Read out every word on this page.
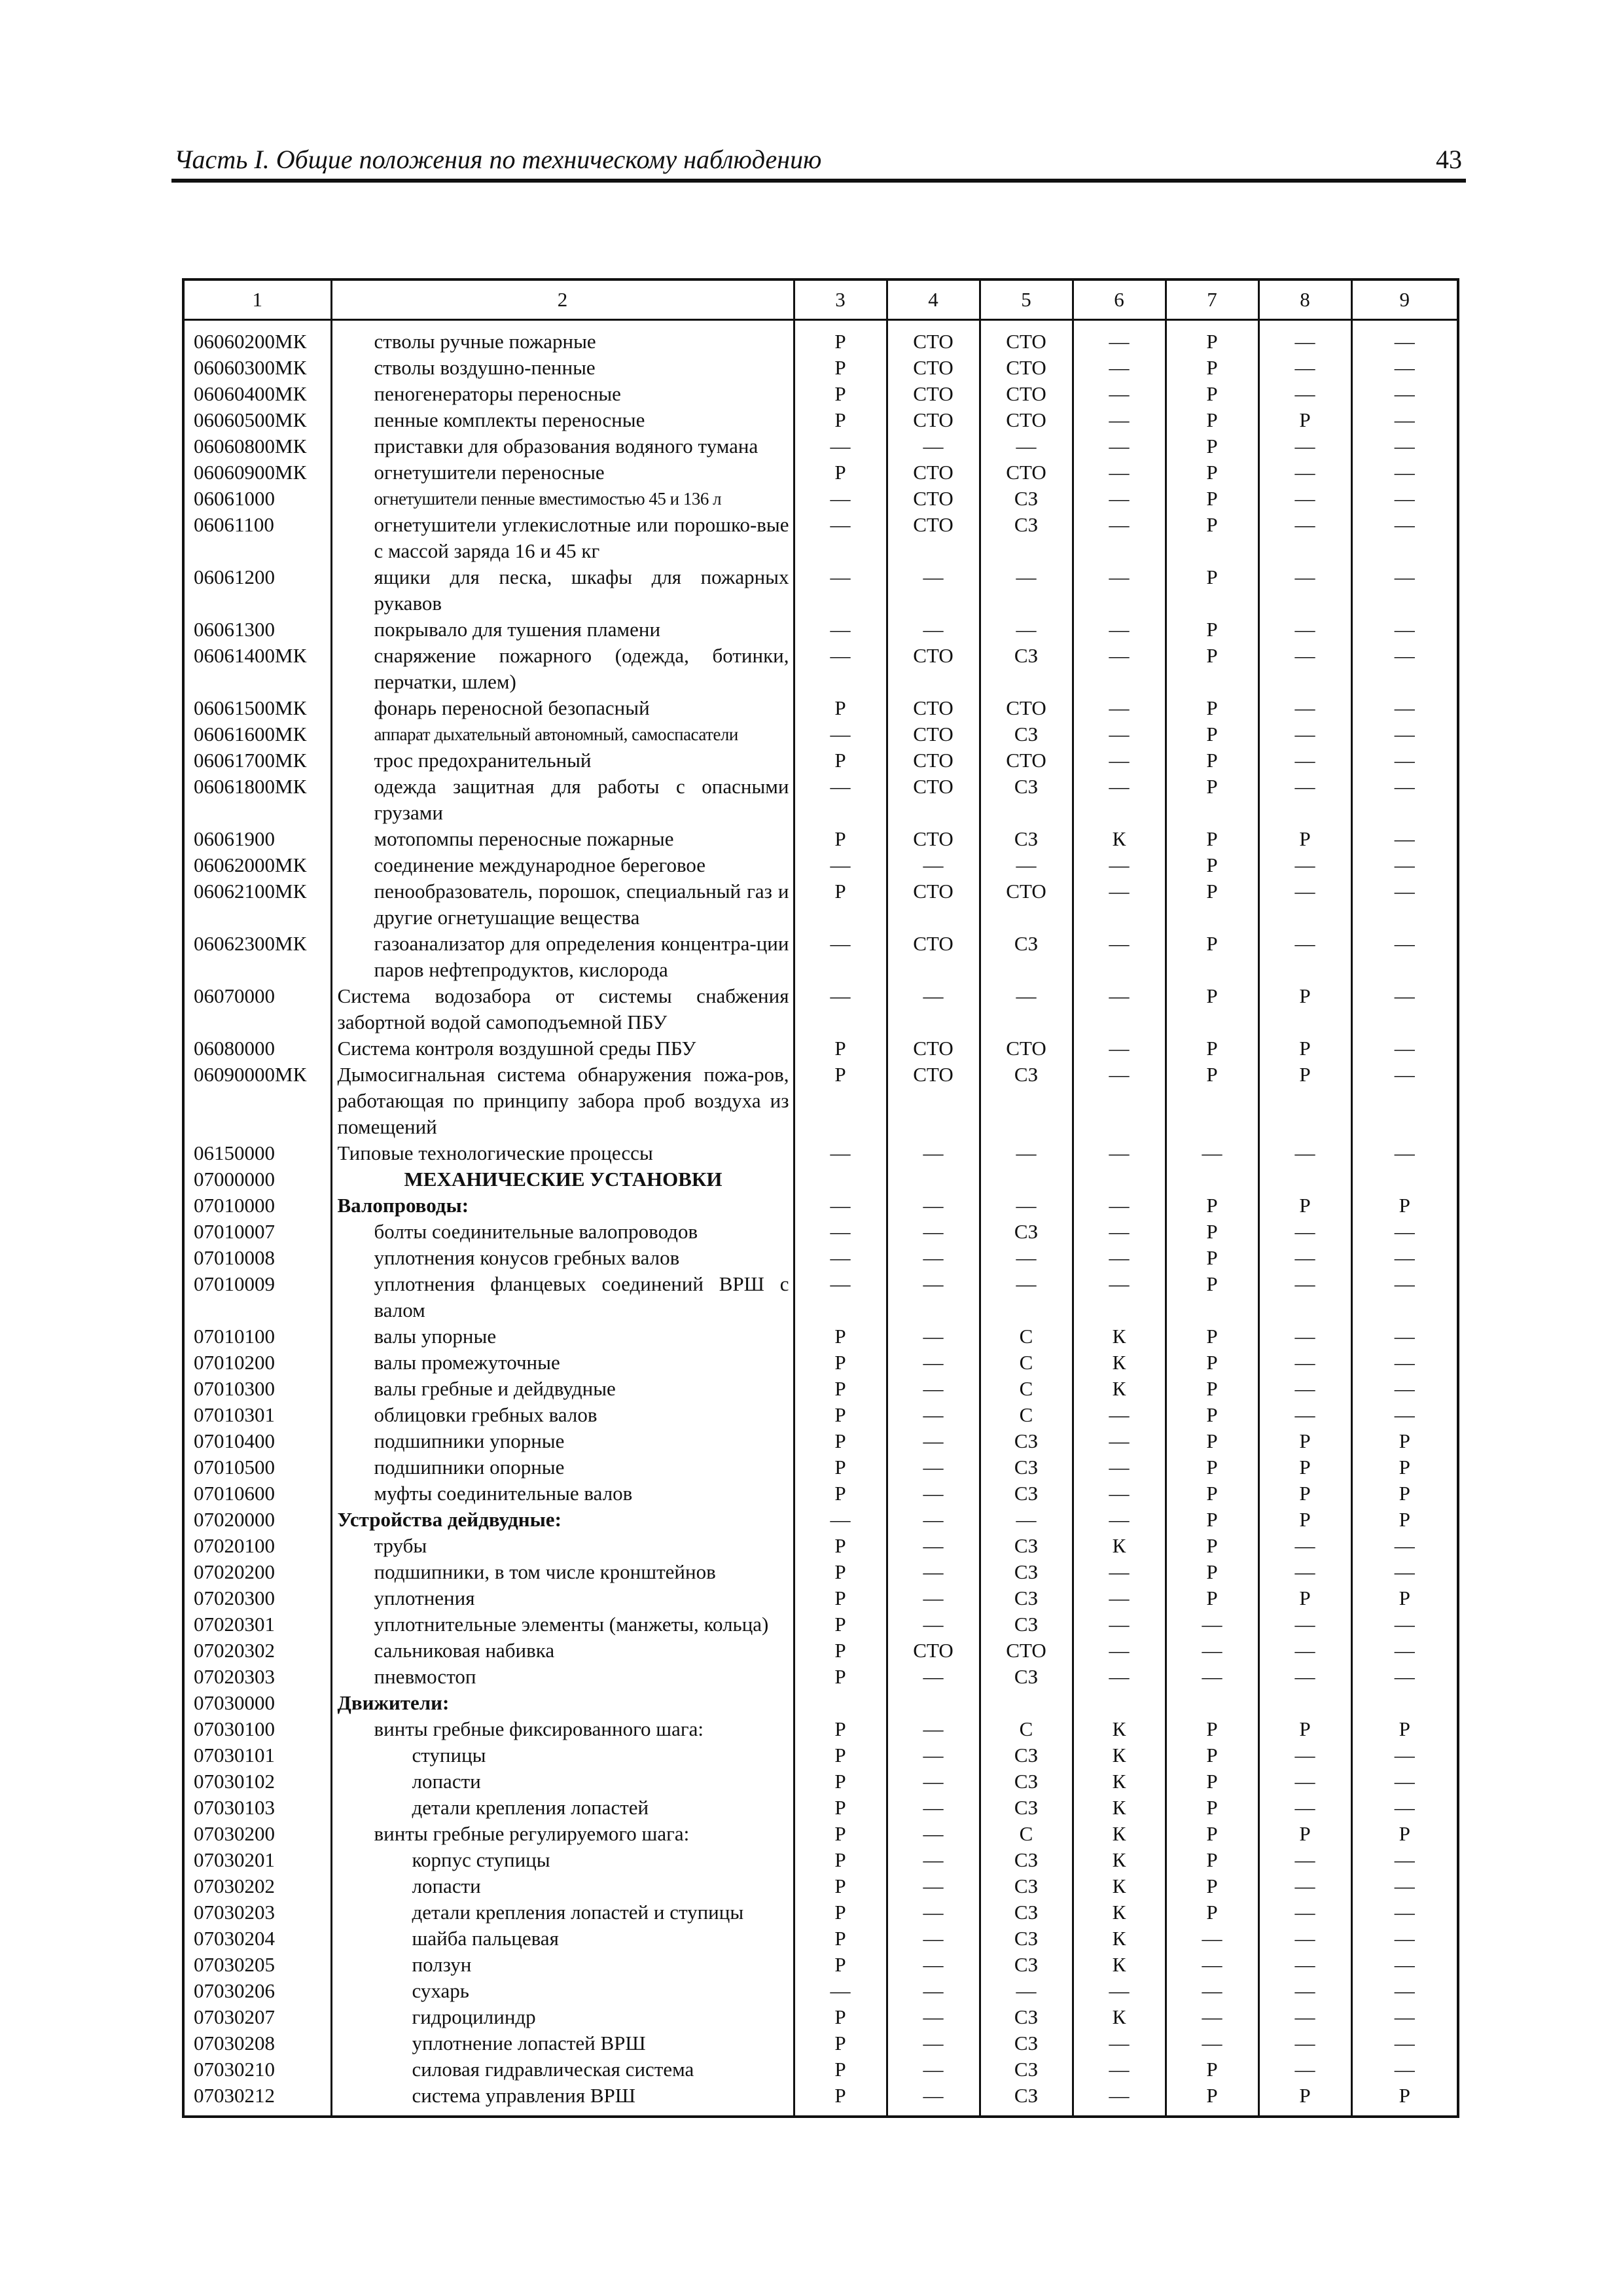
Часть I. Общие положения по техническому наблюдению	43
1	2	3	4	5	6	7	8	9
06060200МК	стволы ручные пожарные	Р	СТО	СТО	—	Р	—	—
06060300МК	стволы воздушно-пенные	Р	СТО	СТО	—	Р	—	—
06060400МК	пеногенераторы переносные	Р	СТО	СТО	—	Р	—	—
06060500МК	пенные комплекты переносные	Р	СТО	СТО	—	Р	Р	—
06060800МК	приставки для образования водяного тумана	—	—	—	—	Р	—	—
06060900МК	огнетушители переносные	Р	СТО	СТО	—	Р	—	—
06061000	огнетушители пенные вместимостью 45 и 136 л	—	СТО	СЗ	—	Р	—	—
06061100	огнетушители углекислотные или порошко-вые с массой заряда 16 и 45 кг	—	СТО	СЗ	—	Р	—	—
06061200	ящики для песка, шкафы для пожарных рукавов	—	—	—	—	Р	—	—
06061300	покрывало для тушения пламени	—	—	—	—	Р	—	—
06061400МК	снаряжение пожарного (одежда, ботинки, перчатки, шлем)	—	СТО	СЗ	—	Р	—	—
06061500МК	фонарь переносной безопасный	Р	СТО	СТО	—	Р	—	—
06061600МК	аппарат дыхательный автономный, самоспасатели	—	СТО	СЗ	—	Р	—	—
06061700МК	трос предохранительный	Р	СТО	СТО	—	Р	—	—
06061800МК	одежда защитная для работы с опасными грузами	—	СТО	СЗ	—	Р	—	—
06061900	мотопомпы переносные пожарные	Р	СТО	СЗ	К	Р	Р	—
06062000МК	соединение международное береговое	—	—	—	—	Р	—	—
06062100МК	пенообразователь, порошок, специальный газ и другие огнетушащие вещества	Р	СТО	СТО	—	Р	—	—
06062300МК	газоанализатор для определения концентра-ции паров нефтепродуктов, кислорода	—	СТО	СЗ	—	Р	—	—
06070000	Система водозабора от системы снабжения забортной водой самоподъемной ПБУ	—	—	—	—	Р	Р	—
06080000	Система контроля воздушной среды ПБУ	Р	СТО	СТО	—	Р	Р	—
06090000МК	Дымосигнальная система обнаружения пожа-ров, работающая по принципу забора проб воздуха из помещений	Р	СТО	СЗ	—	Р	Р	—
06150000	Типовые технологические процессы	—	—	—	—	—	—	—
07000000	МЕХАНИЧЕСКИЕ УСТАНОВКИ							
07010000	Валопроводы:	—	—	—	—	Р	Р	Р
07010007	болты соединительные валопроводов	—	—	СЗ	—	Р	—	—
07010008	уплотнения конусов гребных валов	—	—	—	—	Р	—	—
07010009	уплотнения фланцевых соединений ВРШ с валом	—	—	—	—	Р	—	—
07010100	валы упорные	Р	—	С	К	Р	—	—
07010200	валы промежуточные	Р	—	С	К	Р	—	—
07010300	валы гребные и дейдвудные	Р	—	С	К	Р	—	—
07010301	облицовки гребных валов	Р	—	С	—	Р	—	—
07010400	подшипники упорные	Р	—	СЗ	—	Р	Р	Р
07010500	подшипники опорные	Р	—	СЗ	—	Р	Р	Р
07010600	муфты соединительные валов	Р	—	СЗ	—	Р	Р	Р
07020000	Устройства дейдвудные:	—	—	—	—	Р	Р	Р
07020100	трубы	Р	—	СЗ	К	Р	—	—
07020200	подшипники, в том числе кронштейнов	Р	—	СЗ	—	Р	—	—
07020300	уплотнения	Р	—	СЗ	—	Р	Р	Р
07020301	уплотнительные элементы (манжеты, кольца)	Р	—	СЗ	—	—	—	—
07020302	сальниковая набивка	Р	СТО	СТО	—	—	—	—
07020303	пневмостоп	Р	—	СЗ	—	—	—	—
07030000	Движители:							
07030100	винты гребные фиксированного шага:	Р	—	С	К	Р	Р	Р
07030101	ступицы	Р	—	СЗ	К	Р	—	—
07030102	лопасти	Р	—	СЗ	К	Р	—	—
07030103	детали крепления лопастей	Р	—	СЗ	К	Р	—	—
07030200	винты гребные регулируемого шага:	Р	—	С	К	Р	Р	Р
07030201	корпус ступицы	Р	—	СЗ	К	Р	—	—
07030202	лопасти	Р	—	СЗ	К	Р	—	—
07030203	детали крепления лопастей и ступицы	Р	—	СЗ	К	Р	—	—
07030204	шайба пальцевая	Р	—	СЗ	К	—	—	—
07030205	ползун	Р	—	СЗ	К	—	—	—
07030206	сухарь	—	—	—	—	—	—	—
07030207	гидроцилиндр	Р	—	СЗ	К	—	—	—
07030208	уплотнение лопастей ВРШ	Р	—	СЗ	—	—	—	—
07030210	силовая гидравлическая система	Р	—	СЗ	—	Р	—	—
07030212	система управления ВРШ	Р	—	СЗ	—	Р	Р	Р
